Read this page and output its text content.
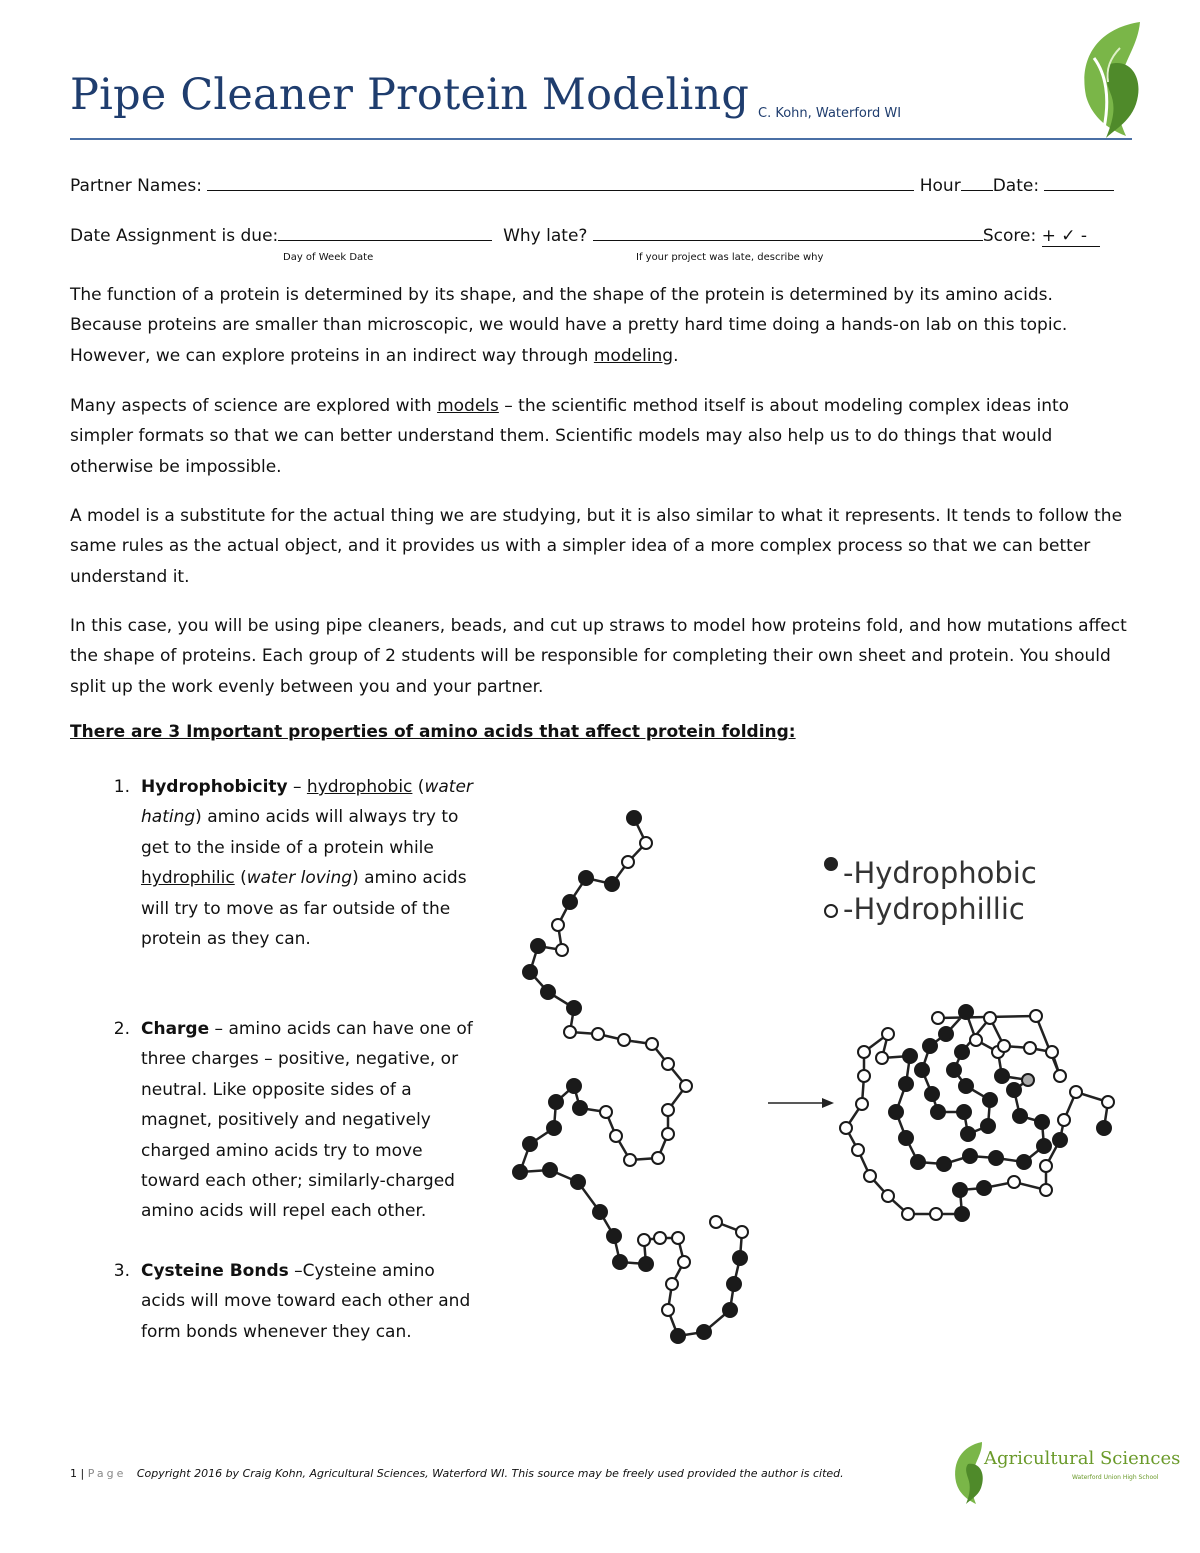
Pipe Cleaner Protein Modeling C. Kohn, Waterford WI
Partner Names:	Hour Date:
Date Assignment is due:	Why late?	Score: + ✓ -
Day of Week Date	If your project was late, describe why

The function of a protein is determined by its shape, and the shape of the protein is determined by its amino acids. Because proteins are smaller than microscopic, we would have a pretty hard time doing a hands-on lab on this topic. However, we can explore proteins in an indirect way through modeling.

Many aspects of science are explored with models – the scientific method itself is about modeling complex ideas into simpler formats so that we can better understand them. Scientific models may also help us to do things that would otherwise be impossible.

A model is a substitute for the actual thing we are studying, but it is also similar to what it represents. It tends to follow the same rules as the actual object, and it provides us with a simpler idea of a more complex process so that we can better understand it.

In this case, you will be using pipe cleaners, beads, and cut up straws to model how proteins fold, and how mutations affect the shape of proteins. Each group of 2 students will be responsible for completing their own sheet and protein. You should split up the work evenly between you and your partner.

There are 3 Important properties of amino acids that affect protein folding:
1. Hydrophobicity – hydrophobic (water hating) amino acids will always try to get to the inside of a protein while hydrophilic (water loving) amino acids will try to move as far outside of the protein as they can.
2. Charge – amino acids can have one of three charges – positive, negative, or neutral. Like opposite sides of a magnet, positively and negatively charged amino acids try to move toward each other; similarly-charged amino acids will repel each other.
3. Cysteine Bonds –Cysteine amino acids will move toward each other and form bonds whenever they can.
-Hydrophobic
-Hydrophillic
1 | Page Copyright 2016 by Craig Kohn, Agricultural Sciences, Waterford WI. This source may be freely used provided the author is cited.
Agricultural Sciences
Waterford Union High School
